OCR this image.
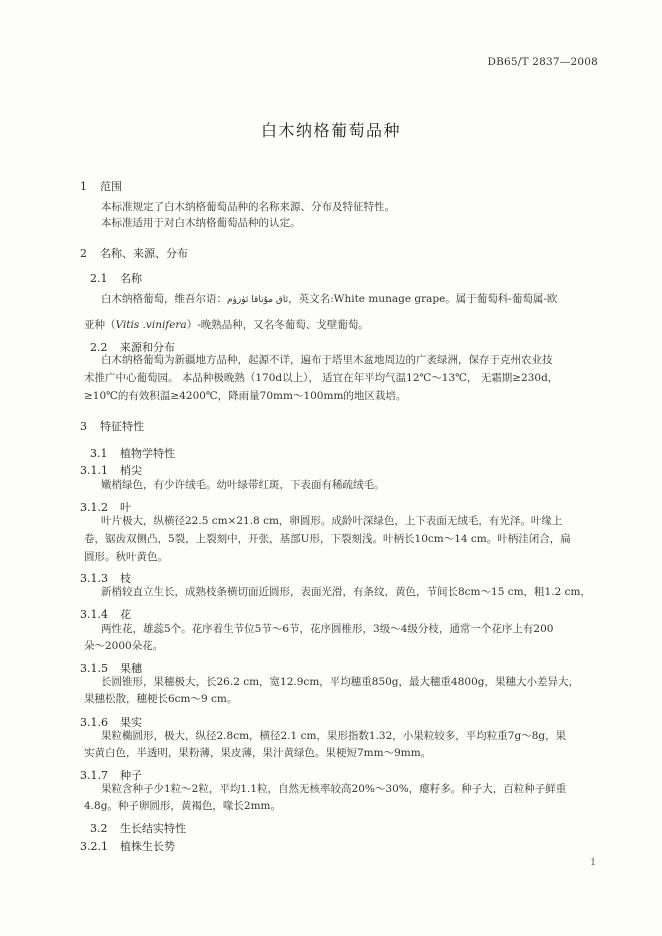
DB65/T 2837—2008
白木纳格葡萄品种
1 范围
本标准规定了白木纳格葡萄品种的名称来源、分布及特征特性。
本标准适用于对白木纳格葡萄品种的认定。
2 名称、来源、分布
2.1 名称
白木纳格葡萄，维吾尔语：ئاق مۇناقا ئۈزۈم，英文名:White munage grape。属于葡萄科-葡萄属-欧
亚种（Vitis .vinifera）-晚熟品种，又名冬葡萄、戈壁葡萄。
2.2 来源和分布
白木纳格葡萄为新疆地方品种，起源不详，遍布于塔里木盆地周边的广袤绿洲，保存于克州农业技
术推广中心葡萄园。 本品种极晚熟（170d以上）， 适宜在年平均气温12℃～13℃， 无霜期≥230d，
≥10℃的有效积温≥4200℃，降雨量70mm～100mm的地区栽培。
3 特征特性
3.1 植物学特性
3.1.1 梢尖
嫩梢绿色，有少许绒毛。幼叶绿带红斑，下表面有稀疏绒毛。
3.1.2 叶
叶片极大，纵横径22.5 cm×21.8 cm，卵圆形。成龄叶深绿色，上下表面无绒毛，有光泽。叶缘上
卷，锯齿双侧凸，5裂，上裂刻中，开张，基部U形，下裂刻浅。叶柄长10cm～14 cm。叶柄洼闭合，扁
圆形。秋叶黄色。
3.1.3 枝
新梢较直立生长，成熟枝条横切面近圆形，表面光滑，有条纹，黄色，节间长8cm～15 cm，粗1.2 cm，
3.1.4 花
两性花，雄蕊5个。花序着生节位5节～6节，花序圆椎形，3级～4级分枝，通常一个花序上有200
朵～2000朵花。
3.1.5 果穗
长圆锥形，果穗极大，长26.2 cm，宽12.9cm，平均穗重850g，最大穗重4800g，果穗大小差异大，
果穗松散，穗梗长6cm～9 cm。
3.1.6 果实
果粒椭圆形，极大，纵径2.8cm，横径2.1 cm，果形指数1.32，小果粒较多，平均粒重7g～8g，果
实黄白色，半透明，果粉薄，果皮薄，果汁黄绿色。果梗短7mm～9mm。
3.1.7 种子
果粒含种子少1粒～2粒，平均1.1粒，自然无核率较高20%～30%，瘪籽多。种子大，百粒种子鲜重
4.8g。种子卵圆形，黄褐色，喙长2mm。
3.2 生长结实特性
3.2.1 植株生长势
1
